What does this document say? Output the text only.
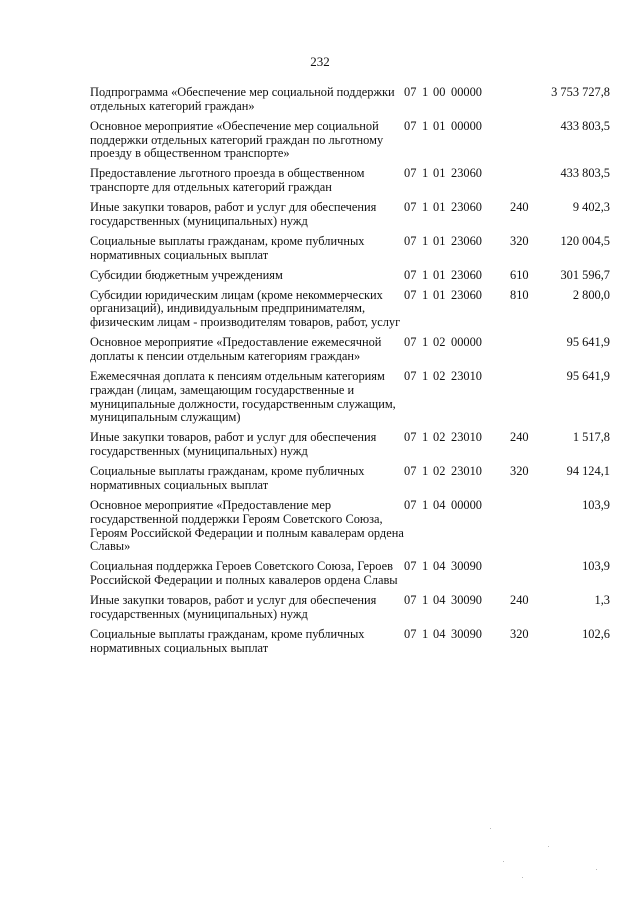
232
Подпрограмма «Обеспечение мер социальной поддержки отдельных категорий граждан»	07 1 00 00000		3 753 727,8
Основное мероприятие «Обеспечение мер социальной поддержки отдельных категорий граждан по льготному проезду в общественном транспорте»	07 1 01 00000		433 803,5
Предоставление льготного проезда в общественном транспорте для отдельных категорий граждан	07 1 01 23060		433 803,5
Иные закупки товаров, работ и услуг для обеспечения государственных (муниципальных) нужд	07 1 01 23060	240	9 402,3
Социальные выплаты гражданам, кроме публичных нормативных социальных выплат	07 1 01 23060	320	120 004,5
Субсидии бюджетным учреждениям	07 1 01 23060	610	301 596,7
Субсидии юридическим лицам (кроме некоммерческих организаций), индивидуальным предпринимателям, физическим лицам - производителям товаров, работ, услуг	07 1 01 23060	810	2 800,0
Основное мероприятие «Предоставление ежемесячной доплаты к пенсии отдельным категориям граждан»	07 1 02 00000		95 641,9
Ежемесячная доплата к пенсиям отдельным категориям граждан (лицам, замещающим государственные и муниципальные должности, государственным служащим, муниципальным служащим)	07 1 02 23010		95 641,9
Иные закупки товаров, работ и услуг для обеспечения государственных (муниципальных) нужд	07 1 02 23010	240	1 517,8
Социальные выплаты гражданам, кроме публичных нормативных социальных выплат	07 1 02 23010	320	94 124,1
Основное мероприятие «Предоставление мер государственной поддержки Героям Советского Союза, Героям Российской Федерации и полным кавалерам ордена Славы»	07 1 04 00000		103,9
Социальная поддержка Героев Советского Союза, Героев Российской Федерации и полных кавалеров ордена Славы	07 1 04 30090		103,9
Иные закупки товаров, работ и услуг для обеспечения государственных (муниципальных) нужд	07 1 04 30090	240	1,3
Социальные выплаты гражданам, кроме публичных нормативных социальных выплат	07 1 04 30090	320	102,6
